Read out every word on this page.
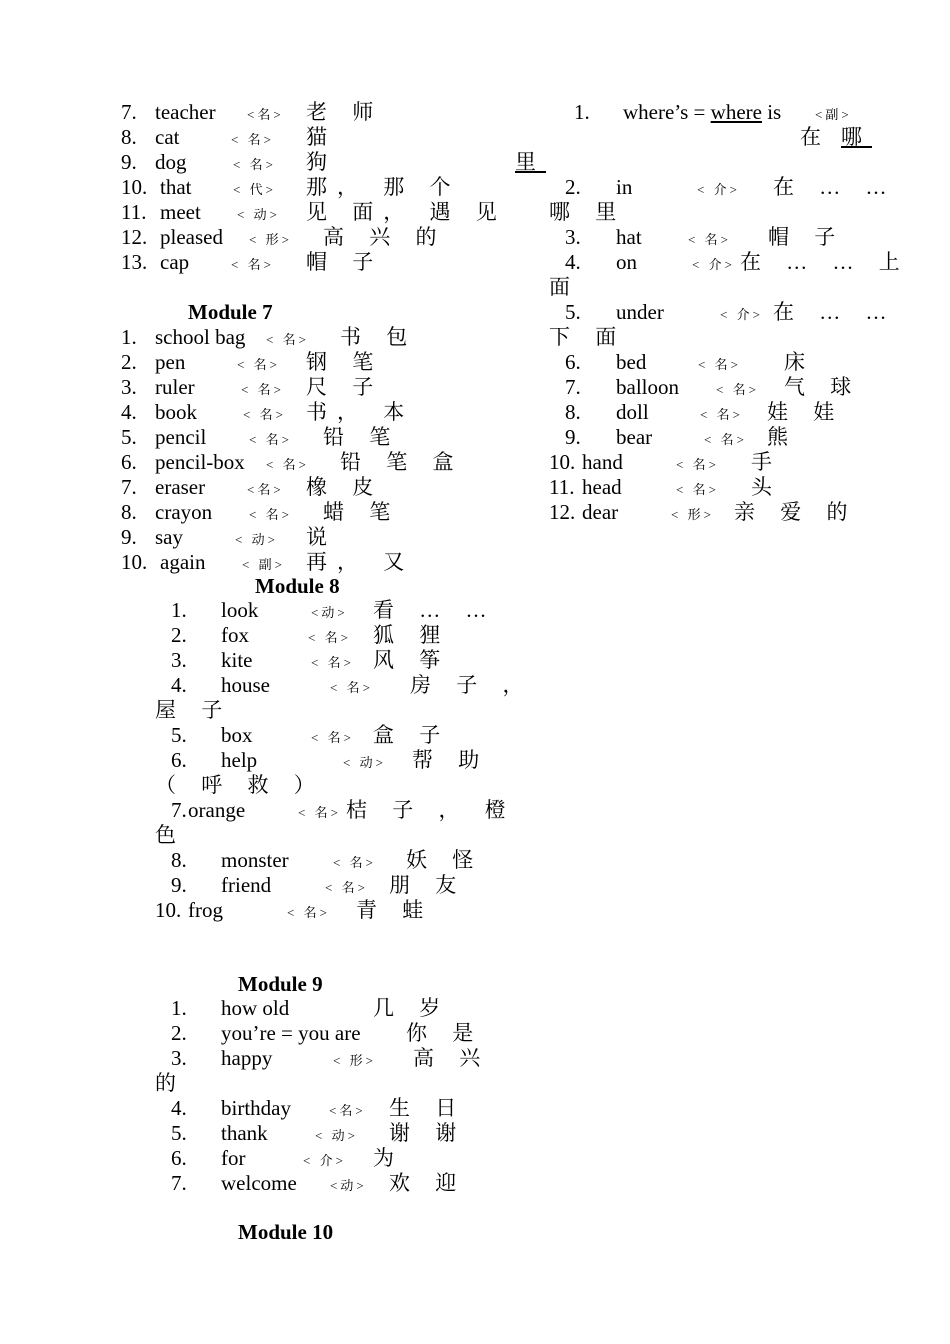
7. teacher <名> 老 师
8. cat	< 名> 猫
9. dog	< 名> 狗
10. that	< 代> 那， 那 个
11. meet	< 动> 见 面， 遇 见
12. pleased < 形> 高 兴 的
13. cap	< 名> 帽 子
Module 7
1. school bag < 名> 书 包
2. pen	< 名> 钢 笔
3. ruler	< 名> 尺 子
4. book	< 名> 书， 本
5. pencil	< 名> 铅 笔
6. pencil-box < 名> 铅 笔 盒
7. eraser	<名> 橡 皮
8. crayon	< 名> 蜡 笔
9. say	< 动> 说
10. again	< 副> 再， 又
Module 8
1. look	<动> 看 … …
2. fox	< 名> 狐 狸
3. kite	< 名> 风 筝
4. house	< 名> 房 子 ，
屋 子
5. box	< 名> 盒 子
6. help	< 动> 帮 助
（ 呼 救 ）
7. orange	< 名> 桔 子 ， 橙
色
8. monster	< 名> 妖 怪
9. friend	< 名> 朋 友
10. frog	< 名> 青 蛙
Module 9
1. how old	几 岁
2. you’re = you are 你 是
3. happy	< 形> 高 兴
的
4. birthday	<名> 生 日
5. thank	< 动> 谢 谢
6. for	< 介> 为
7. welcome	<动> 欢 迎
Module 10
1. where’s = where is	<副>
在 哪
里
2. in	< 介> 在 … …
哪 里
3. hat	< 名> 帽 子
4. on	< 介> 在 … … 上
面
5. under	< 介> 在 … …
下 面
6. bed	< 名> 床
7. balloon	< 名> 气 球
8. doll	< 名> 娃 娃
9. bear	< 名> 熊
10. hand	< 名> 手
11. head	< 名> 头
12. dear	< 形> 亲 爱 的
